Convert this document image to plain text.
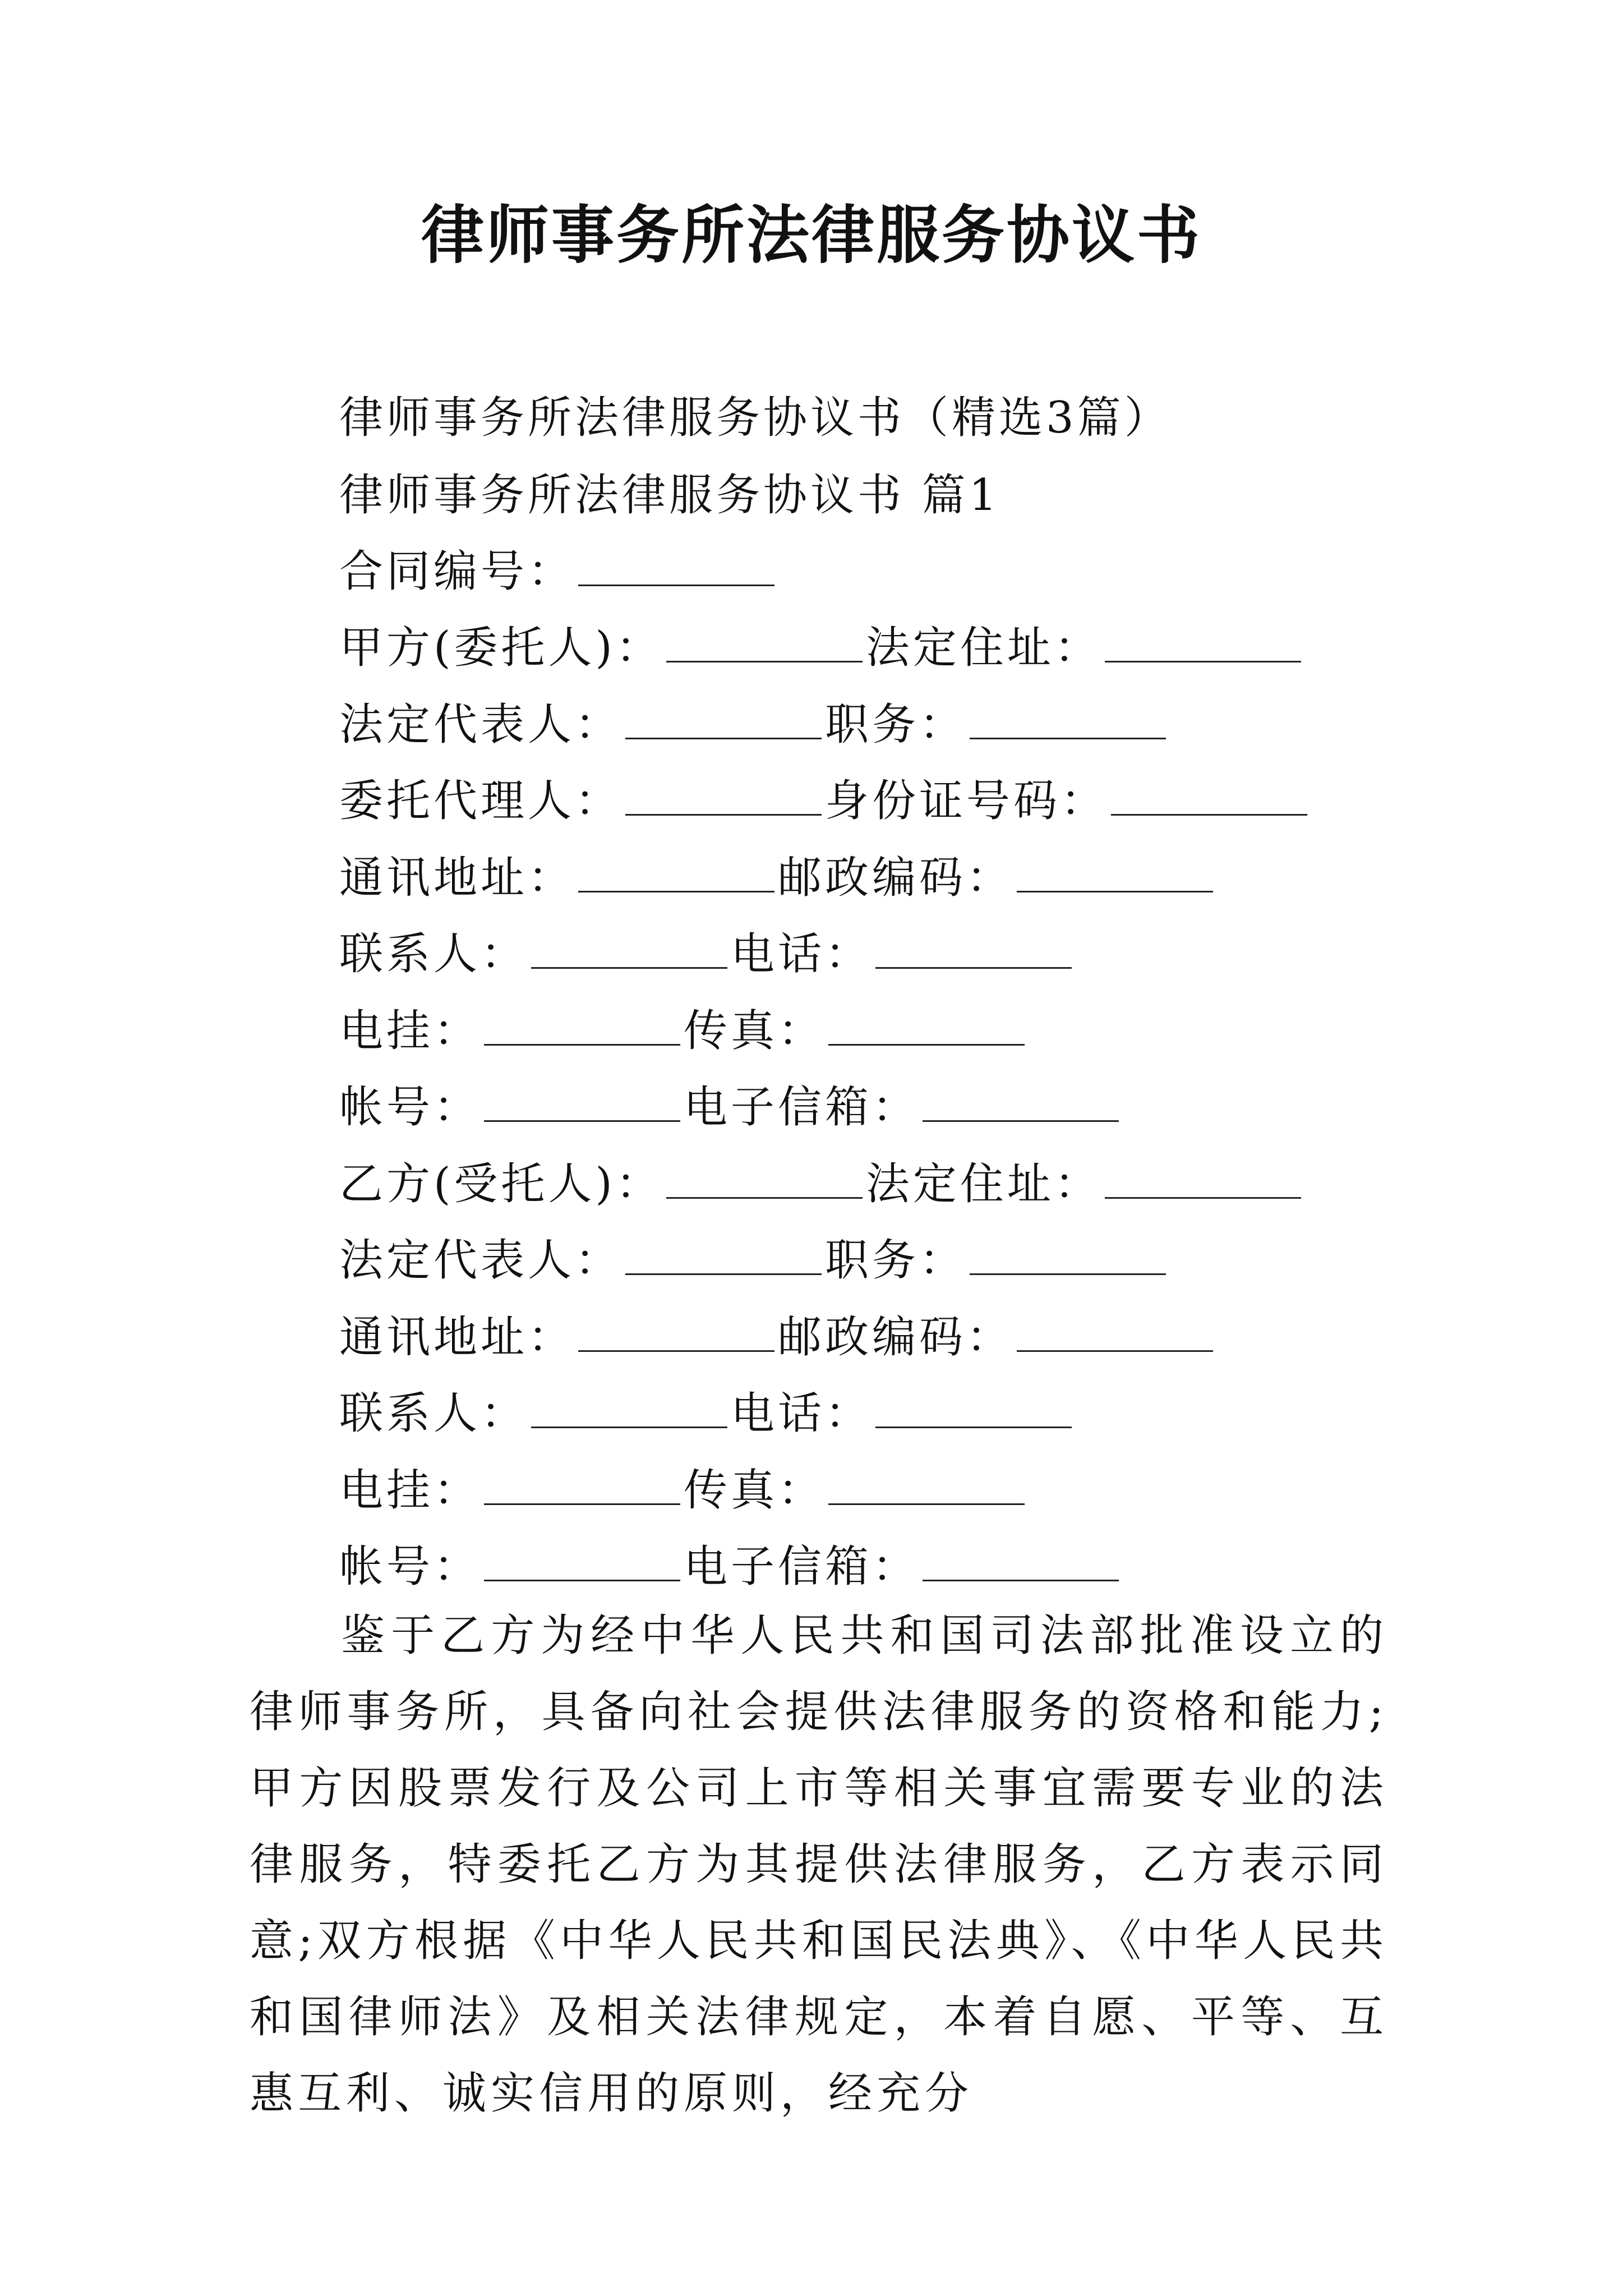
律师事务所法律服务协议书
律师事务所法律服务协议书（精选3篇）
律师事务所法律服务协议书 篇1
合同编号：
甲方(委托人)：	法定住址：
法定代表人：	职务：
委托代理人：	身份证号码：
通讯地址：	邮政编码：
联系人：	电话：
电挂：	传真：
帐号：	电子信箱：
乙方(受托人)：	法定住址：
法定代表人：	职务：
通讯地址：	邮政编码：
联系人：	电话：
电挂：	传真：
帐号：	电子信箱：
鉴于乙方为经中华人民共和国司法部批准设立的律师事务所，具备向社会提供法律服务的资格和能力;甲方因股票发行及公司上市等相关事宜需要专业的法律服务，特委托乙方为其提供法律服务，乙方表示同意;双方根据《中华人民共和国民法典》、《中华人民共和国律师法》及相关法律规定，本着自愿、平等、互惠互利、诚实信用的原则，经充分
